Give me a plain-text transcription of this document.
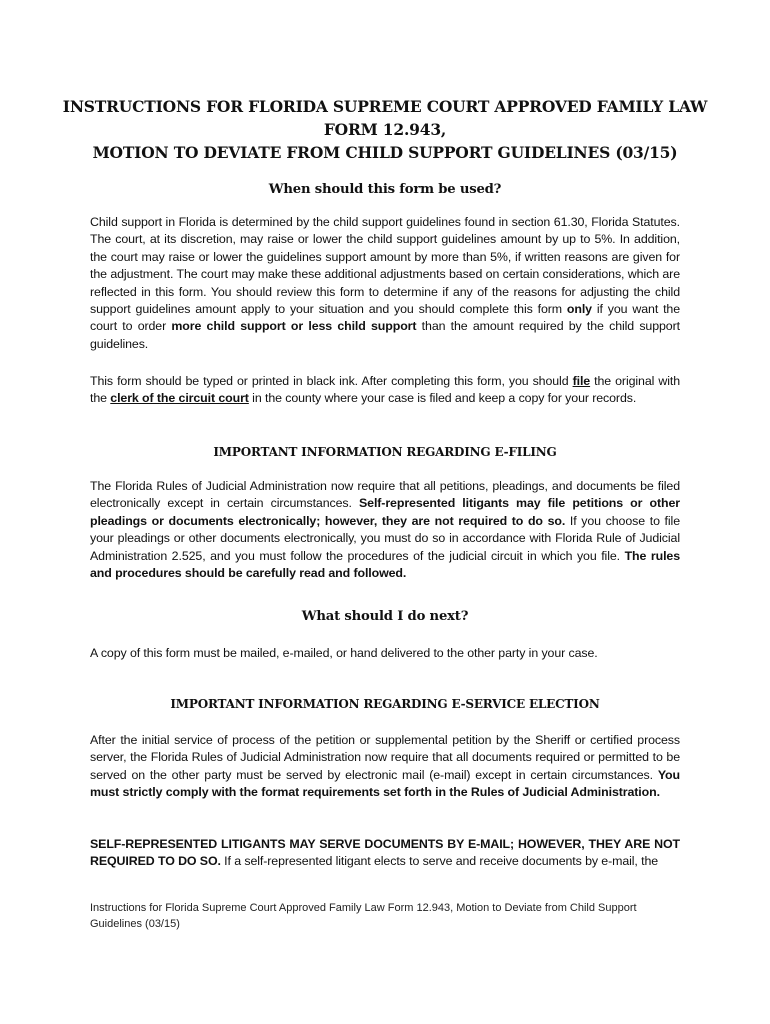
INSTRUCTIONS FOR FLORIDA SUPREME COURT APPROVED FAMILY LAW
FORM 12.943,
MOTION TO DEVIATE FROM CHILD SUPPORT GUIDELINES (03/15)
When should this form be used?
Child support in Florida is determined by the child support guidelines found in section 61.30, Florida Statutes. The court, at its discretion, may raise or lower the child support guidelines amount by up to 5%. In addition, the court may raise or lower the guidelines support amount by more than 5%, if written reasons are given for the adjustment. The court may make these additional adjustments based on certain considerations, which are reflected in this form. You should review this form to determine if any of the reasons for adjusting the child support guidelines amount apply to your situation and you should complete this form only if you want the court to order more child support or less child support than the amount required by the child support guidelines.
This form should be typed or printed in black ink. After completing this form, you should file the original with the clerk of the circuit court in the county where your case is filed and keep a copy for your records.
IMPORTANT INFORMATION REGARDING E-FILING
The Florida Rules of Judicial Administration now require that all petitions, pleadings, and documents be filed electronically except in certain circumstances. Self-represented litigants may file petitions or other pleadings or documents electronically; however, they are not required to do so. If you choose to file your pleadings or other documents electronically, you must do so in accordance with Florida Rule of Judicial Administration 2.525, and you must follow the procedures of the judicial circuit in which you file. The rules and procedures should be carefully read and followed.
What should I do next?
A copy of this form must be mailed, e-mailed, or hand delivered to the other party in your case.
IMPORTANT INFORMATION REGARDING E-SERVICE ELECTION
After the initial service of process of the petition or supplemental petition by the Sheriff or certified process server, the Florida Rules of Judicial Administration now require that all documents required or permitted to be served on the other party must be served by electronic mail (e-mail) except in certain circumstances. You must strictly comply with the format requirements set forth in the Rules of Judicial Administration.
SELF-REPRESENTED LITIGANTS MAY SERVE DOCUMENTS BY E-MAIL; HOWEVER, THEY ARE NOT REQUIRED TO DO SO. If a self-represented litigant elects to serve and receive documents by e-mail, the
Instructions for Florida Supreme Court Approved Family Law Form 12.943, Motion to Deviate from Child Support Guidelines (03/15)
